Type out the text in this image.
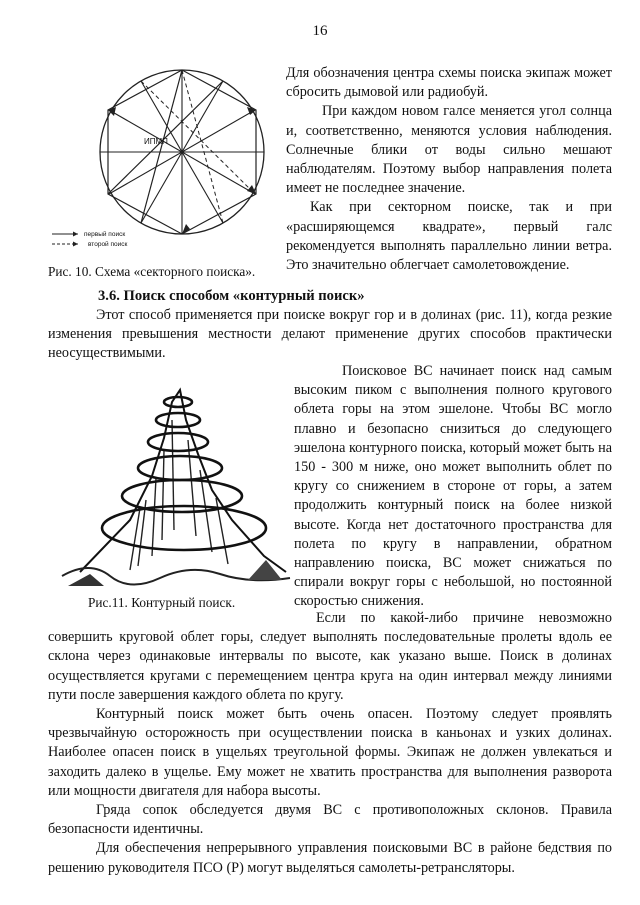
16
ИПМП
первый поиск
второй поиск
Рис. 10. Схема «секторного поиска».

Для обозначения центра схемы поиска экипаж может сбросить дымовой или радиобуй.

При каждом новом галсе меняется угол солнца и, соответственно, меняются условия наблюдения. Солнечные блики от воды сильно мешают наблюдателям. Поэтому выбор направления полета имеет не последнее значение.

Как при секторном поиске, так и при «расширяющемся квадрате», первый галс рекомендуется выполнять параллельно линии ветра. Это значительно облегчает самолетовождение.

3.6. Поиск способом «контурный поиск»

Этот способ применяется при поиске вокруг гор и в долинах (рис. 11), когда резкие изменения превышения местности делают применение других способов практически неосуществимыми.

Рис.11. Контурный поиск.

Поисковое ВС начинает поиск над самым высоким пиком с выполнения полного кругового облета горы на этом эшелоне. Чтобы ВС могло плавно и безопасно снизиться до следующего эшелона контурного поиска, который может быть на 150 - 300 м ниже, оно может выполнить облет по кругу со снижением в стороне от горы, а затем продолжить контурный поиск на более низкой высоте. Когда нет достаточного пространства для полета по кругу в направлении, обратном направлению поиска, ВС может снижаться по спирали вокруг горы с небольшой, но постоянной скоростью снижения.

Если по какой-либо причине невозможно совершить круговой облет горы, следует выполнять последовательные пролеты вдоль ее склона через одинаковые интервалы по высоте, как указано выше. Поиск в долинах осуществляется кругами с перемещением центра круга на один интервал между линиями пути после завершения каждого облета по кругу.

Контурный поиск может быть очень опасен. Поэтому следует проявлять чрезвычайную осторожность при осуществлении поиска в каньонах и узких долинах. Наиболее опасен поиск в ущельях треугольной формы. Экипаж не должен увлекаться и заходить далеко в ущелье. Ему может не хватить пространства для выполнения разворота или мощности двигателя для набора высоты.

Гряда сопок обследуется двумя ВС с противоположных склонов. Правила безопасности идентичны.

Для обеспечения непрерывного управления поисковыми ВС в районе бедствия по решению руководителя ПСО (Р) могут выделяться самолеты-ретрансляторы.
